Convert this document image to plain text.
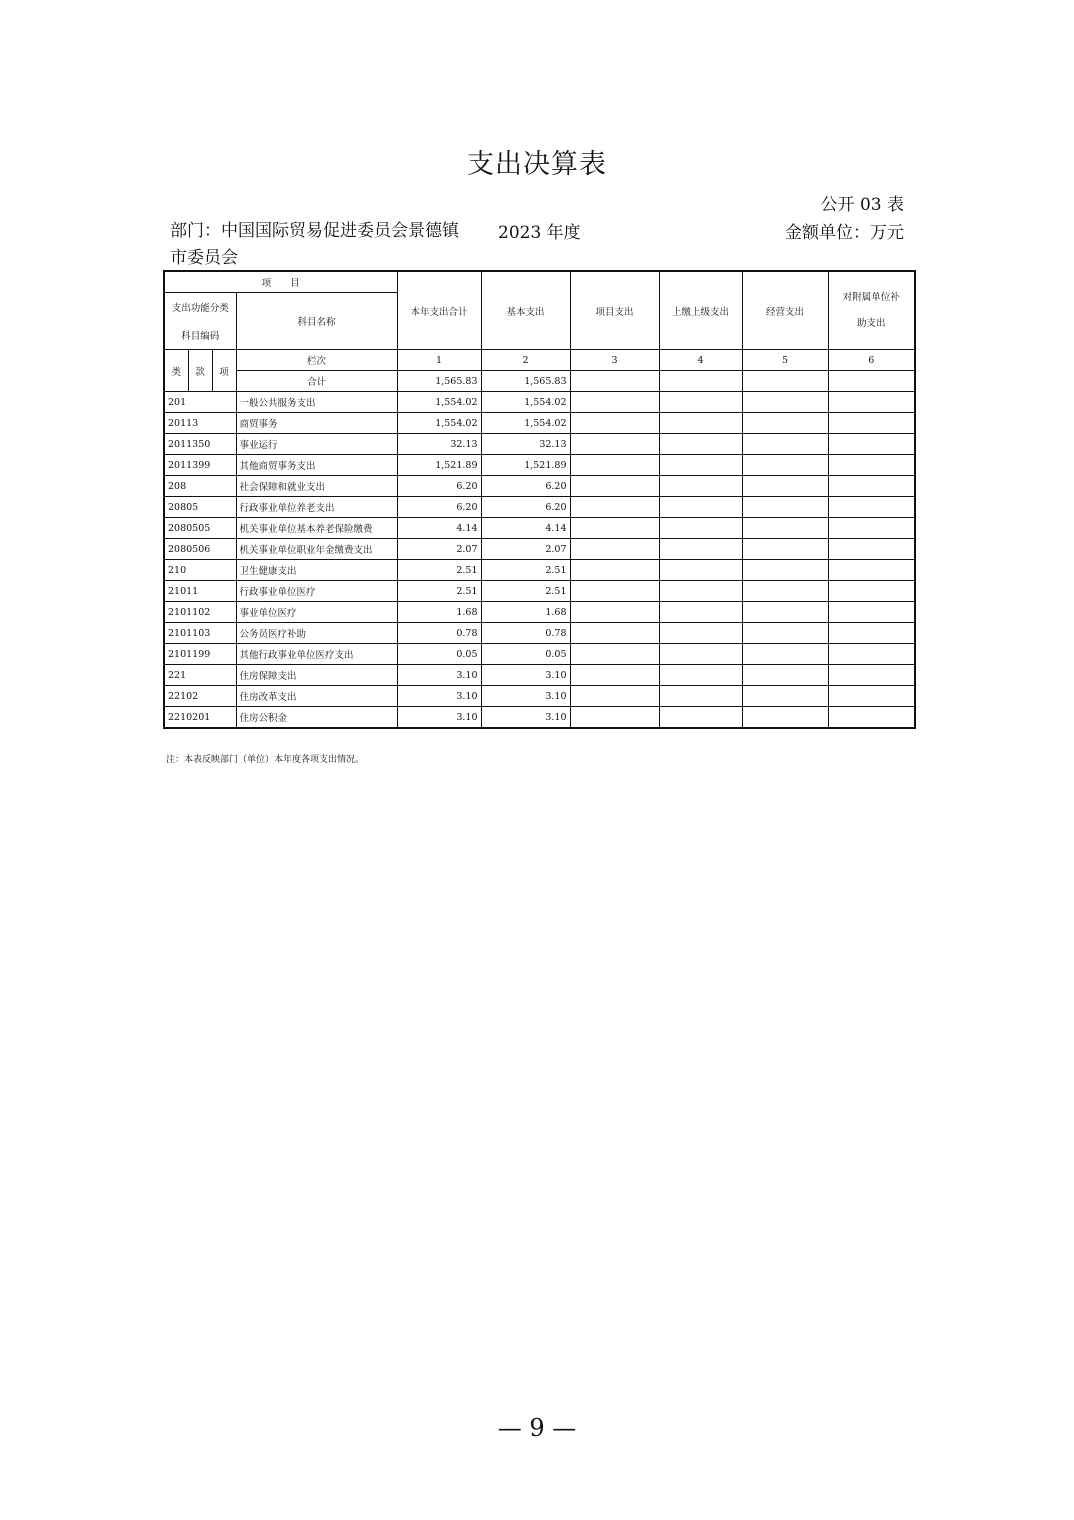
支出决算表
公开 03 表
部门：中国国际贸易促进委员会景德镇市委员会
2023 年度	金额单位：万元
项　　目				本年支出合计	基本支出	项目支出	上缴上级支出	经营支出	对附属单位补助支出
支出功能分类			科目名称						
科目编码									
类	款	项	栏次	1	2	3	4	5	6
			合计	1,565.83	1,565.83				
201			一般公共服务支出	1,554.02	1,554.02				
20113			商贸事务	1,554.02	1,554.02				
2011350			事业运行	32.13	32.13				
2011399			其他商贸事务支出	1,521.89	1,521.89				
208			社会保障和就业支出	6.20	6.20				
20805			行政事业单位养老支出	6.20	6.20				
2080505			机关事业单位基本养老保险缴费	4.14	4.14				
2080506			机关事业单位职业年金缴费支出	2.07	2.07				
210			卫生健康支出	2.51	2.51				
21011			行政事业单位医疗	2.51	2.51				
2101102			事业单位医疗	1.68	1.68				
2101103			公务员医疗补助	0.78	0.78				
2101199			其他行政事业单位医疗支出	0.05	0.05				
221			住房保障支出	3.10	3.10				
22102			住房改革支出	3.10	3.10				
2210201			住房公积金	3.10	3.10				
注：本表反映部门（单位）本年度各项支出情况。
— 9 —
